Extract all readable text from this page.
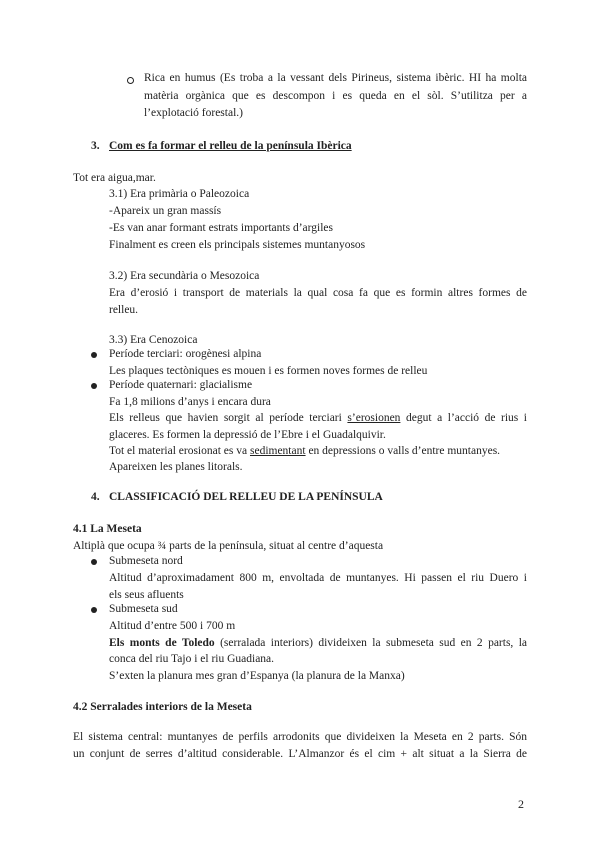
Rica en humus (Es troba a la vessant dels Pirineus, sistema ibèric. HI ha molta
matèria orgànica que es descompon i es queda en el sòl. S’utilitza per a
l’explotació forestal.)
3. Com es fa formar el relleu de la península Ibèrica
Tot era aigua,mar.
3.1) Era primària o Paleozoica
-Apareix un gran massís
-Es van anar formant estrats importants d’argiles
Finalment es creen els principals sistemes muntanyosos
3.2) Era secundària o Mesozoica
Era d’erosió i transport de materials la qual cosa fa que es formin altres formes de
relleu.
3.3) Era Cenozoica
Període terciari: orogènesi alpina
Les plaques tectòniques es mouen i es formen noves formes de relleu
Període quaternari: glacialisme
Fa 1,8 milions d’anys i encara dura
Els relleus que havien sorgit al període terciari s’erosionen degut a l’acció de rius i
glaceres. Es formen la depressió de l’Ebre i el Guadalquivir.
Tot el material erosionat es va sedimentant en depressions o valls d’entre muntanyes.
Apareixen les planes litorals.
4. CLASSIFICACIÓ DEL RELLEU DE LA PENÍNSULA
4.1 La Meseta
Altiplà que ocupa ¾ parts de la península, situat al centre d’aquesta
Submeseta nord
Altitud d’aproximadament 800 m, envoltada de muntanyes. Hi passen el riu Duero i
els seus afluents
Submeseta sud
Altitud d’entre 500 i 700 m
Els monts de Toledo (serralada interiors) divideixen la submeseta sud en 2 parts, la
conca del riu Tajo i el riu Guadiana.
S’exten la planura mes gran d’Espanya (la planura de la Manxa)
4.2 Serralades interiors de la Meseta
El sistema central: muntanyes de perfils arrodonits que divideixen la Meseta en 2 parts. Són
un conjunt de serres d’altitud considerable. L’Almanzor és el cim + alt situat a la Sierra de
2
